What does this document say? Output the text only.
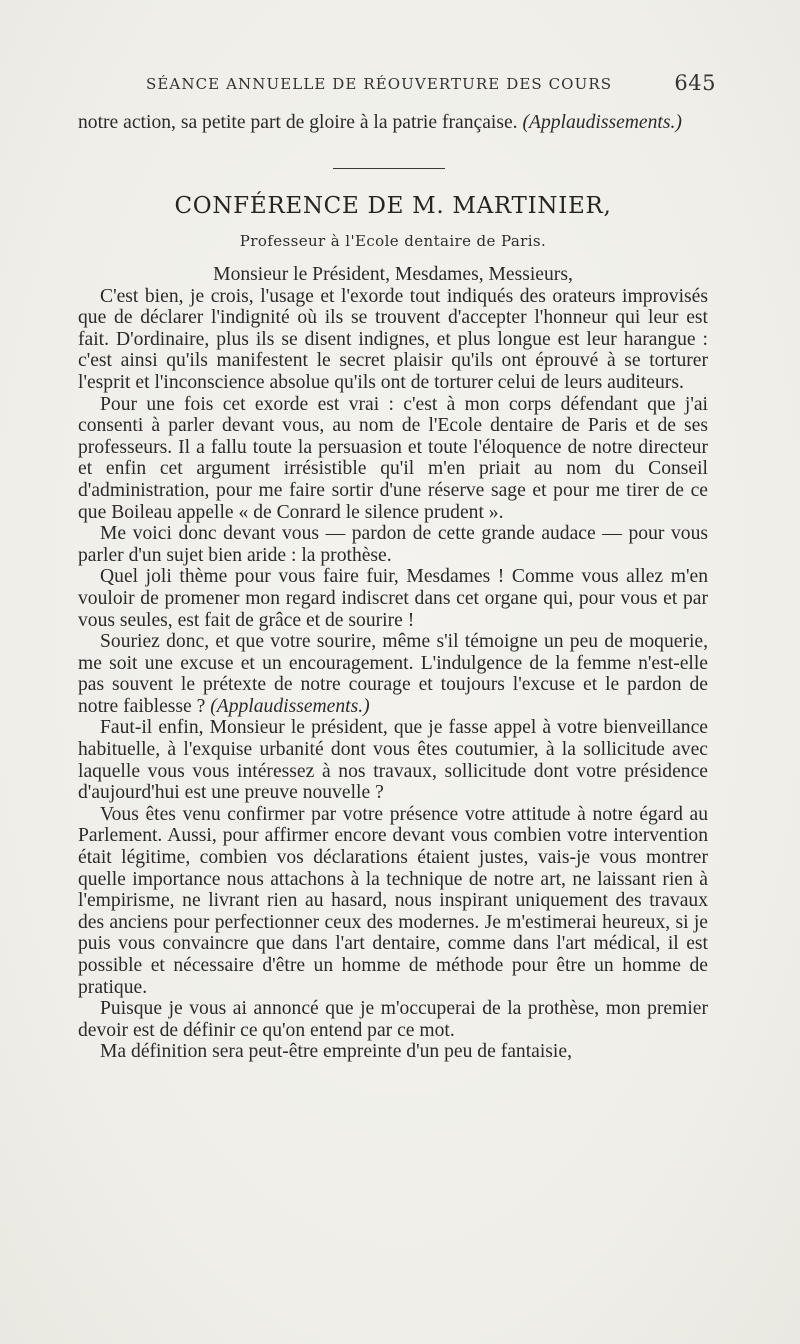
SÉANCE ANNUELLE DE RÉOUVERTURE DES COURS	645

notre action, sa petite part de gloire à la patrie française. (Applaudissements.)

CONFÉRENCE DE M. MARTINIER,

Professeur à l'Ecole dentaire de Paris.

Monsieur le Président, Mesdames, Messieurs,

C'est bien, je crois, l'usage et l'exorde tout indiqués des orateurs improvisés que de déclarer l'indignité où ils se trouvent d'accepter l'honneur qui leur est fait. D'ordinaire, plus ils se disent indignes, et plus longue est leur harangue : c'est ainsi qu'ils manifestent le secret plaisir qu'ils ont éprouvé à se torturer l'esprit et l'inconscience absolue qu'ils ont de torturer celui de leurs auditeurs.

Pour une fois cet exorde est vrai : c'est à mon corps défendant que j'ai consenti à parler devant vous, au nom de l'Ecole dentaire de Paris et de ses professeurs. Il a fallu toute la persuasion et toute l'éloquence de notre directeur et enfin cet argument irrésistible qu'il m'en priait au nom du Conseil d'administration, pour me faire sortir d'une réserve sage et pour me tirer de ce que Boileau appelle « de Conrard le silence prudent ».

Me voici donc devant vous — pardon de cette grande audace — pour vous parler d'un sujet bien aride : la prothèse.

Quel joli thème pour vous faire fuir, Mesdames ! Comme vous allez m'en vouloir de promener mon regard indiscret dans cet organe qui, pour vous et par vous seules, est fait de grâce et de sourire !

Souriez donc, et que votre sourire, même s'il témoigne un peu de moquerie, me soit une excuse et un encouragement. L'indulgence de la femme n'est-elle pas souvent le prétexte de notre courage et toujours l'excuse et le pardon de notre faiblesse ? (Applaudissements.)

Faut-il enfin, Monsieur le président, que je fasse appel à votre bienveillance habituelle, à l'exquise urbanité dont vous êtes coutumier, à la sollicitude avec laquelle vous vous intéressez à nos travaux, sollicitude dont votre présidence d'aujourd'hui est une preuve nouvelle ?

Vous êtes venu confirmer par votre présence votre attitude à notre égard au Parlement. Aussi, pour affirmer encore devant vous combien votre intervention était légitime, combien vos déclarations étaient justes, vais-je vous montrer quelle importance nous attachons à la technique de notre art, ne laissant rien à l'empirisme, ne livrant rien au hasard, nous inspirant uniquement des travaux des anciens pour perfectionner ceux des modernes. Je m'estimerai heureux, si je puis vous convaincre que dans l'art dentaire, comme dans l'art médical, il est possible et nécessaire d'être un homme de méthode pour être un homme de pratique.

Puisque je vous ai annoncé que je m'occuperai de la prothèse, mon premier devoir est de définir ce qu'on entend par ce mot.

Ma définition sera peut-être empreinte d'un peu de fantaisie,
